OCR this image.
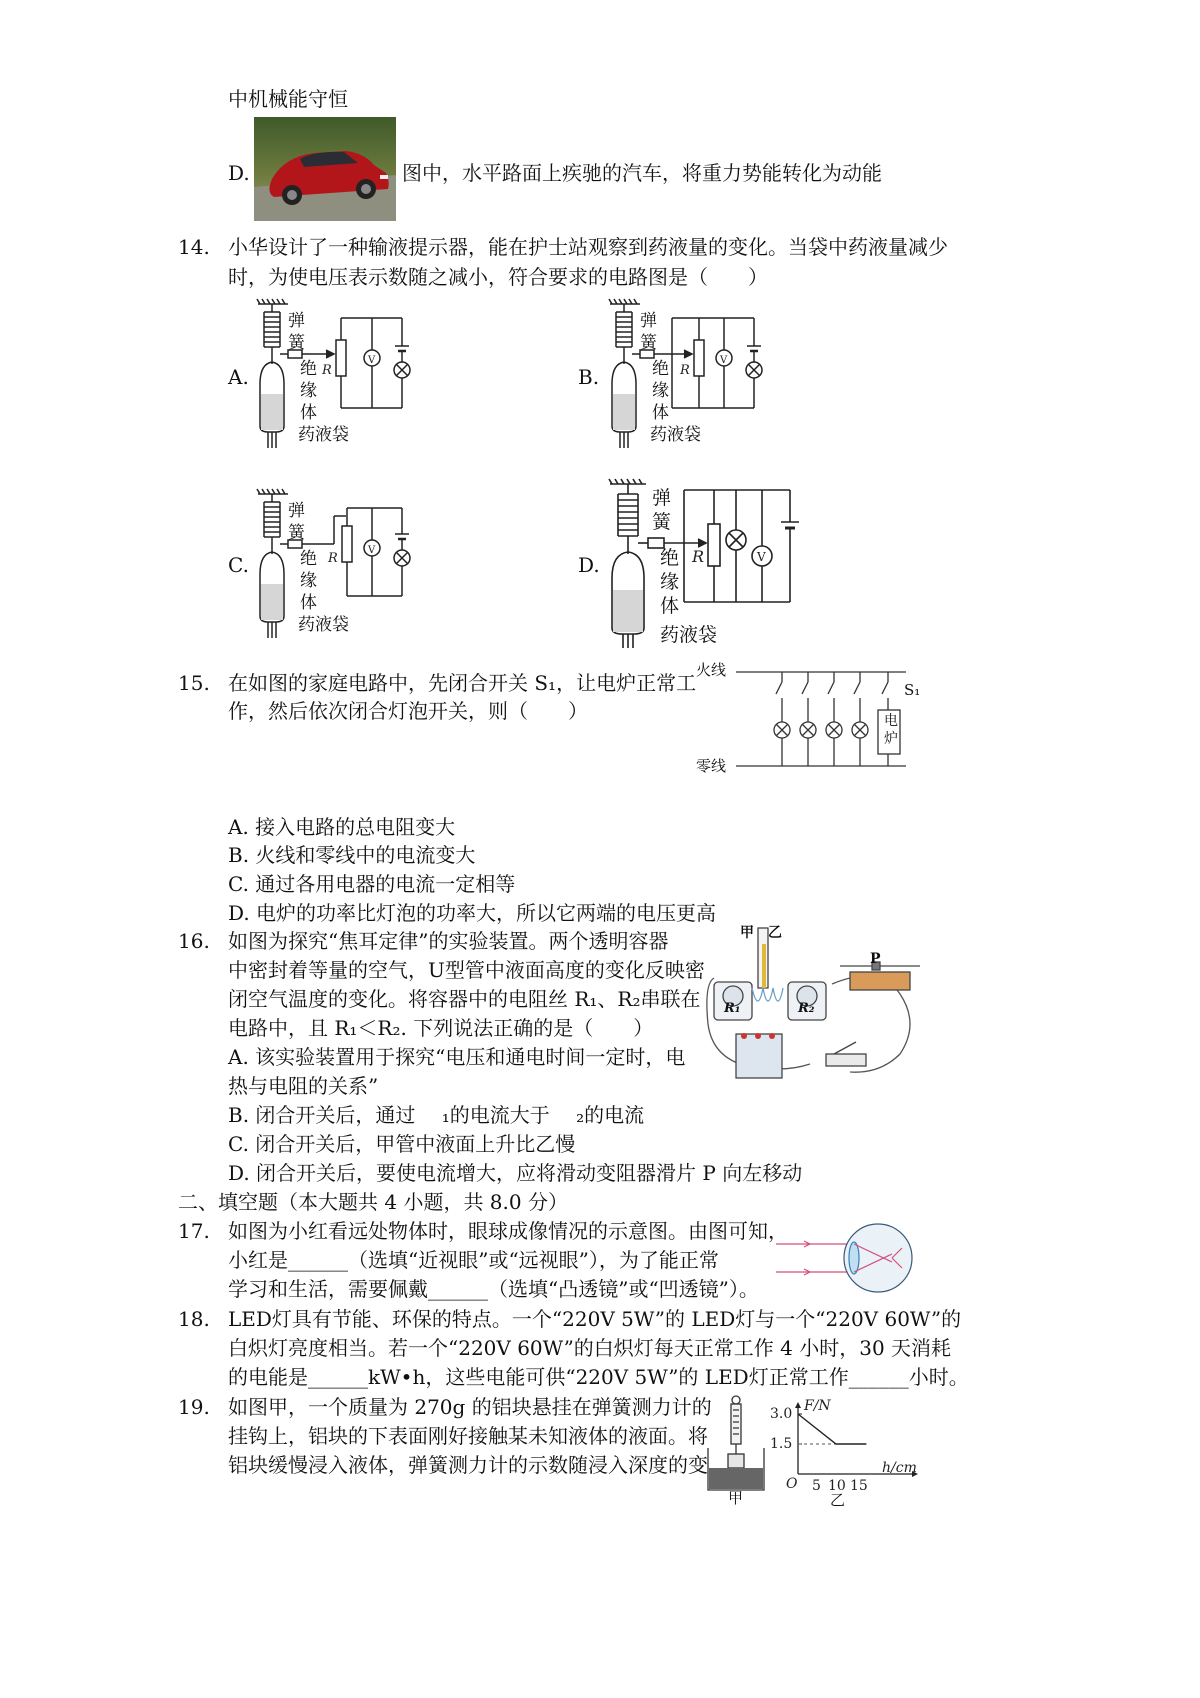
中机械能守恒
D.	图中，水平路面上疾驰的汽车，将重力势能转化为动能
14. 小华设计了一种输液提示器，能在护士站观察到药液量的变化。当袋中药液量减少
时，为使电压表示数随之减小，符合要求的电路图是（　　）
A.	B.
C.	D.
R
V
弹簧
绝缘体
药液袋
R
V
弹簧
绝缘体
药液袋
R
V
弹簧
绝缘体
药液袋
R	V
弹簧
绝缘体
药液袋
15. 在如图的家庭电路中，先闭合开关 S₁，让电炉正常工
作，然后依次闭合灯泡开关，则（　　）
火线
零线
S₁
电炉
A. 接入电路的总电阻变大
B. 火线和零线中的电流变大
C. 通过各用电器的电流一定相等
D. 电炉的功率比灯泡的功率大，所以它两端的电压更高
16. 如图为探究“焦耳定律”的实验装置。两个透明容器
中密封着等量的空气，U型管中液面高度的变化反映密
闭空气温度的变化。将容器中的电阻丝 R₁、R₂串联在
电路中，且 R₁＜R₂. 下列说法正确的是（　　）
A. 该实验装置用于探究“电压和通电时间一定时，电
热与电阻的关系”
B. 闭合开关后，通过　 ₁的电流大于　 ₂的电流
C. 闭合开关后，甲管中液面上升比乙慢
D. 闭合开关后，要使电流增大，应将滑动变阻器滑片 P 向左移动
甲 乙
P
R₁	R₂
二、填空题（本大题共 4 小题，共 8.0 分）
17. 如图为小红看远处物体时，眼球成像情况的示意图。由图可知，
小红是______（选填“近视眼”或“远视眼”），为了能正常
学习和生活，需要佩戴______（选填“凸透镜”或“凹透镜”）。
18. LED灯具有节能、环保的特点。一个“220V 5W”的 LED灯与一个“220V 60W”的
白炽灯亮度相当。若一个“220V 60W”的白炽灯每天正常工作 4 小时，30 天消耗
的电能是______kW•h，这些电能可供“220V 5W”的 LED灯正常工作______小时。
19. 如图甲，一个质量为 270g 的铝块悬挂在弹簧测力计的
挂钩上，铝块的下表面刚好接触某未知液体的液面。将
铝块缓慢浸入液体，弹簧测力计的示数随浸入深度的变
甲
F/N
3.0
1.5
O 5 10 15
h/cm
乙
